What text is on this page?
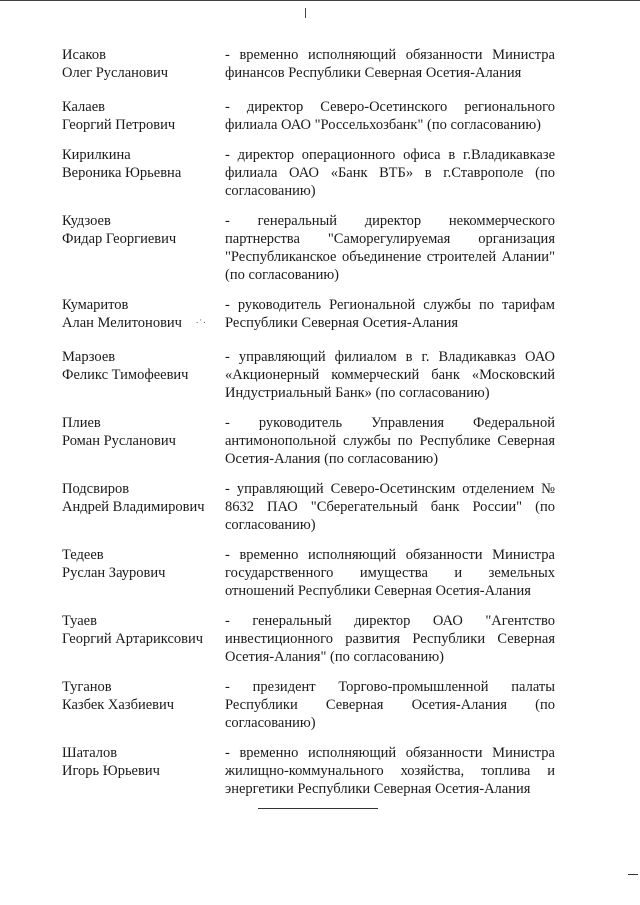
Исаков
Олег Русланович
- временно исполняющий обязанности Министра финансов Республики Северная Осетия-Алания
Калаев
Георгий Петрович
- директор Северо-Осетинского регионального филиала ОАО "Россельхозбанк" (по согласованию)
Кирилкина
Вероника Юрьевна
- директор операционного офиса в г.Владикавказе филиала ОАО «Банк ВТБ» в г.Ставрополе (по согласованию)
Кудзоев
Фидар Георгиевич
- генеральный директор некоммерческого партнерства "Саморегулируемая организация "Республиканское объединение строителей Алании" (по согласованию)
Кумаритов
Алан Мелитонович	.·.
- руководитель Региональной службы по тарифам Республики Северная Осетия-Алания
Марзоев
Феликс Тимофеевич
- управляющий филиалом в г. Владикавказ ОАО «Акционерный коммерческий банк «Московский Индустриальный Банк» (по согласованию)
Плиев
Роман Русланович
- руководитель Управления Федеральной антимонопольной службы по Республике Северная Осетия-Алания (по согласованию)
Подсвиров
Андрей Владимирович
- управляющий Северо-Осетинским отделением № 8632 ПАО "Сберегательный банк России" (по согласованию)
Тедеев
Руслан Заурович
- временно исполняющий обязанности Министра государственного имущества и земельных отношений Республики Северная Осетия-Алания
Туаев
Георгий Артариксович
- генеральный директор ОАО "Агентство инвестиционного развития Республики Северная Осетия-Алания" (по согласованию)
Туганов
Казбек Хазбиевич
- президент Торгово-промышленной палаты Республики Северная Осетия-Алания (по согласованию)
Шаталов
Игорь Юрьевич
- временно исполняющий обязанности Министра жилищно-коммунального хозяйства, топлива и энергетики Республики Северная Осетия-Алания
